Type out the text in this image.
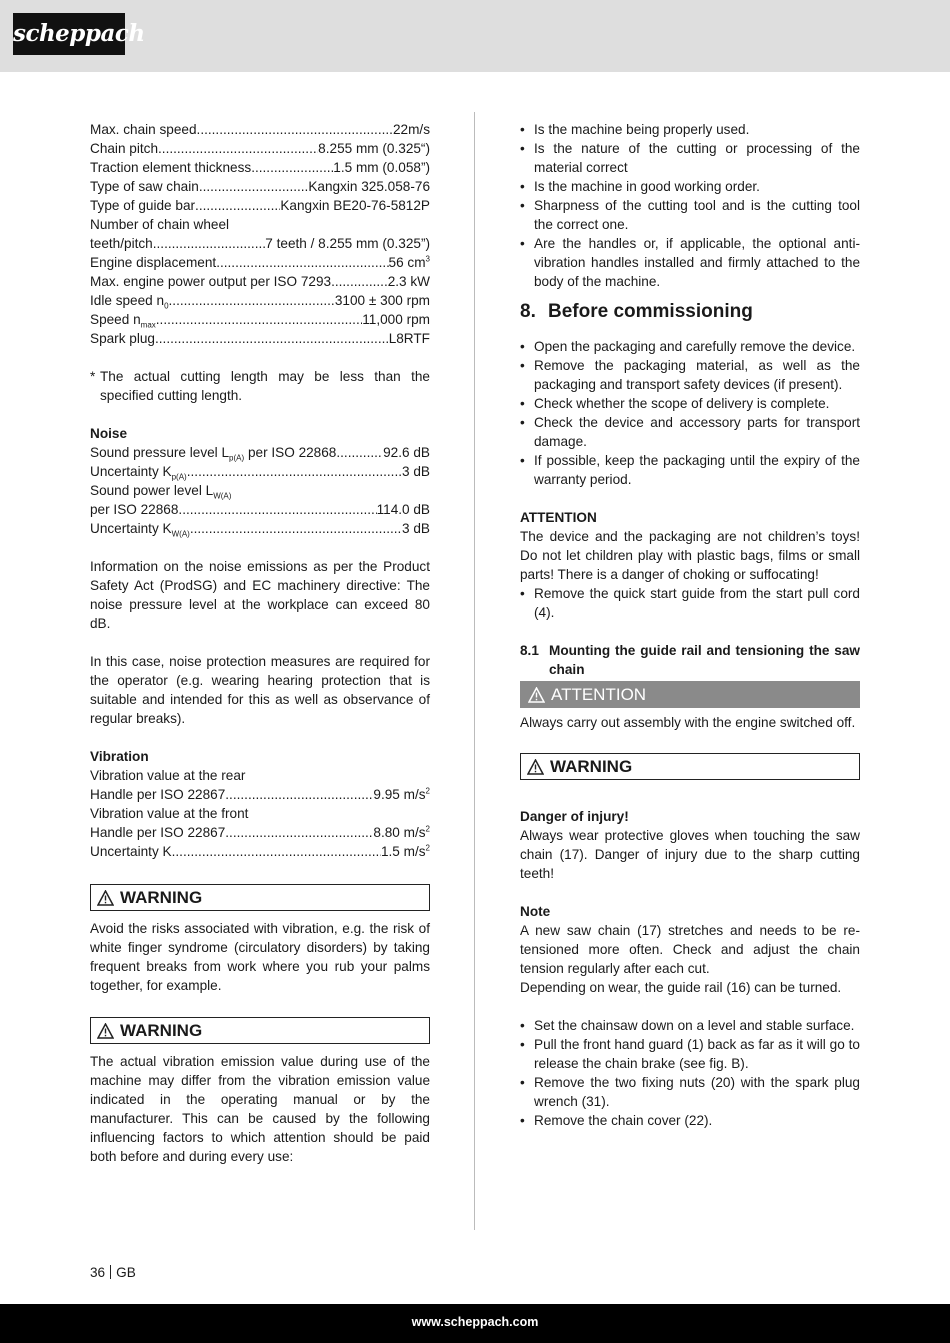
scheppach
Max. chain speed .....	22m/s
Chain pitch .....	8.255 mm (0.325“)
Traction element thickness .....	1.5 mm (0.058”)
Type of saw chain .....	Kangxin 325.058-76
Type of guide bar .....	Kangxin BE20-76-5812P
Number of chain wheel
teeth/pitch .....	7 teeth / 8.255 mm (0.325”)
Engine displacement .....	56 $cm^3$
Max. engine power output per ISO 7293 .....	2.3 kW
Idle speed $n_0$ .....	3100 ± 300 rpm
Speed $n_{max}$ .....	11,000 rpm
Spark plug .....	L8RTF
* The actual cutting length may be less than the specified cutting length.
Noise
Sound pressure level $L_{p(A)}$ per ISO 22868 .....	92.6 dB
Uncertainty $K_{p(A)}$ .....	3 dB
Sound power level $L_{W(A)}$
per ISO 22868 .....	114.0 dB
Uncertainty $K_{W(A)}$ .....	3 dB
Information on the noise emissions as per the Product Safety Act (ProdSG) and EC machinery directive: The noise pressure level at the workplace can exceed 80 dB.
In this case, noise protection measures are required for the operator (e.g. wearing hearing protection that is suitable and intended for this as well as observance of regular breaks).
Vibration
Vibration value at the rear
Handle per ISO 22867 .....	9.95 $m/s^2$
Vibration value at the front
Handle per ISO 22867 .....	8.80 $m/s^2$
Uncertainty K .....	1.5 $m/s^2$
WARNING
Avoid the risks associated with vibration, e.g. the risk of white finger syndrome (circulatory disorders) by taking frequent breaks from work where you rub your palms together, for example.
WARNING
The actual vibration emission value during use of the machine may differ from the vibration emission value indicated in the operating manual or by the manufacturer. This can be caused by the following influencing factors to which attention should be paid both before and during every use:
• Is the machine being properly used.
• Is the nature of the cutting or processing of the material correct
• Is the machine in good working order.
• Sharpness of the cutting tool and is the cutting tool the correct one.
• Are the handles or, if applicable, the optional anti-vibration handles installed and firmly attached to the body of the machine.
8. Before commissioning
• Open the packaging and carefully remove the device.
• Remove the packaging material, as well as the packaging and transport safety devices (if present).
• Check whether the scope of delivery is complete.
• Check the device and accessory parts for transport damage.
• If possible, keep the packaging until the expiry of the warranty period.
ATTENTION
The device and the packaging are not children’s toys! Do not let children play with plastic bags, films or small parts! There is a danger of choking or suffocating!
• Remove the quick start guide from the start pull cord (4).
8.1 Mounting the guide rail and tensioning the saw chain
ATTENTION
Always carry out assembly with the engine switched off.
WARNING
Danger of injury!
Always wear protective gloves when touching the saw chain (17). Danger of injury due to the sharp cutting teeth!
Note
A new saw chain (17) stretches and needs to be re-tensioned more often. Check and adjust the chain tension regularly after each cut.
Depending on wear, the guide rail (16) can be turned.
• Set the chainsaw down on a level and stable surface.
• Pull the front hand guard (1) back as far as it will go to release the chain brake (see fig. B).
• Remove the two fixing nuts (20) with the spark plug wrench (31).
• Remove the chain cover (22).
36 GB
www.scheppach.com
